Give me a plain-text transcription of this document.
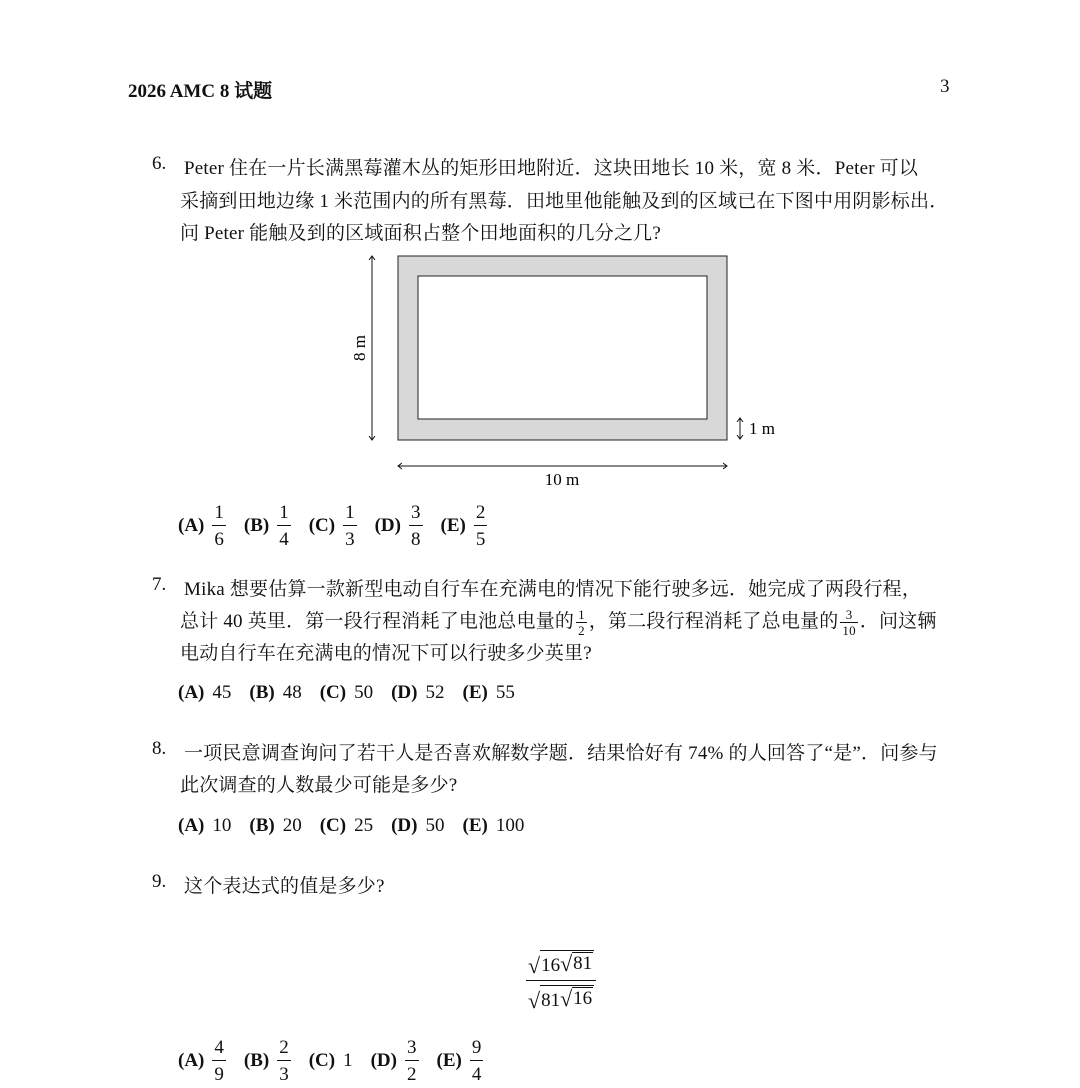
2026 AMC 8 试题	3
6. Peter 住在一片长满黑莓灌木丛的矩形田地附近．这块田地长 10 米，宽 8 米．Peter 可以
采摘到田地边缘 1 米范围内的所有黑莓．田地里他能触及到的区域已在下图中用阴影标出．
问 Peter 能触及到的区域面积占整个田地面积的几分之几?
8 m
10 m
1 m
$(A) \frac{1}{6} (B) \frac{1}{4} (C) \frac{1}{3} (D) \frac{3}{8} (E) \frac{2}{5}$
7. Mika 想要估算一款新型电动自行车在充满电的情况下能行驶多远．她完成了两段行程，
总计 40 英里．第一段行程消耗了电池总电量的 $\frac{1}{2}$ ，第二段行程消耗了总电量的 $\frac{3}{10}$ ．问这辆
电动自行车在充满电的情况下可以行驶多少英里?
(A) 45 (B) 48 (C) 50 (D) 52 (E) 55
8. 一项民意调查询问了若干人是否喜欢解数学题．结果恰好有 74% 的人回答了“是”．问参与
此次调查的人数最少可能是多少?
(A) 10 (B) 20 (C) 25 (D) 50 (E) 100
9. 这个表达式的值是多少?
$\frac{√ 16 √ 81}{√ 81 √ 16}$
$(A) \frac{4}{9} (B) \frac{2}{3} (C)$ 1 $(D) \frac{3}{2} (E) \frac{9}{4}$
